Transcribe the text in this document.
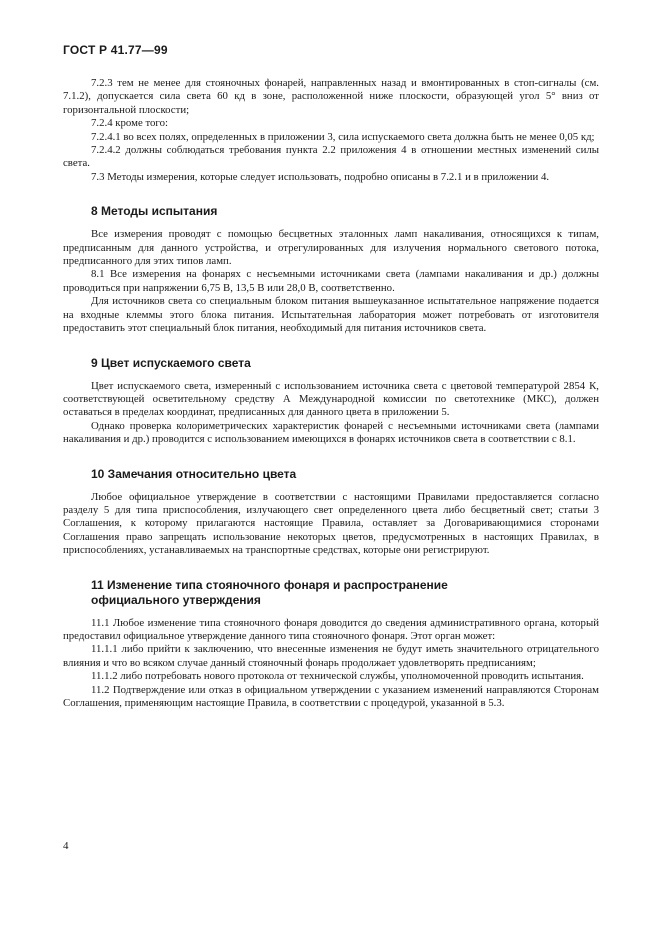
ГОСТ Р 41.77—99

7.2.3 тем не менее для стояночных фонарей, направленных назад и вмонтированных в стоп-сигналы (см. 7.1.2), допускается сила света 60 кд в зоне, расположенной ниже плоскости, образующей угол 5° вниз от горизонтальной плоскости;

7.2.4 кроме того:

7.2.4.1 во всех полях, определенных в приложении 3, сила испускаемого света должна быть не менее 0,05 кд;

7.2.4.2 должны соблюдаться требования пункта 2.2 приложения 4 в отношении местных изменений силы света.

7.3 Методы измерения, которые следует использовать, подробно описаны в 7.2.1 и в приложении 4.

8 Методы испытания

Все измерения проводят с помощью бесцветных эталонных ламп накаливания, относящихся к типам, предписанным для данного устройства, и отрегулированных для излучения нормального светового потока, предписанного для этих типов ламп.

8.1 Все измерения на фонарях с несъемными источниками света (лампами накаливания и др.) должны проводиться при напряжении 6,75 В, 13,5 В или 28,0 В, соответственно.

Для источников света со специальным блоком питания вышеуказанное испытательное напряжение подается на входные клеммы этого блока питания. Испытательная лаборатория может потребовать от изготовителя предоставить этот специальный блок питания, необходимый для питания источников света.

9 Цвет испускаемого света

Цвет испускаемого света, измеренный с использованием источника света с цветовой температурой 2854 К, соответствующей осветительному средству А Международной комиссии по светотехнике (МКС), должен оставаться в пределах координат, предписанных для данного цвета в приложении 5.

Однако проверка колориметрических характеристик фонарей с несъемными источниками света (лампами накаливания и др.) проводится с использованием имеющихся в фонарях источников света в соответствии с 8.1.

10 Замечания относительно цвета

Любое официальное утверждение в соответствии с настоящими Правилами предоставляется согласно разделу 5 для типа приспособления, излучающего свет определенного цвета либо бесцветный свет; статьи 3 Соглашения, к которому прилагаются настоящие Правила, оставляет за Договаривающимися сторонами Соглашения право запрещать использование некоторых цветов, предусмотренных в настоящих Правилах, в приспособлениях, устанавливаемых на транспортные средствах, которые они регистрируют.

11 Изменение типа стояночного фонаря и распространение
официального утверждения

11.1 Любое изменение типа стояночного фонаря доводится до сведения административного органа, который предоставил официальное утверждение данного типа стояночного фонаря. Этот орган может:

11.1.1 либо прийти к заключению, что внесенные изменения не будут иметь значительного отрицательного влияния и что во всяком случае данный стояночный фонарь продолжает удовлетворять предписаниям;

11.1.2 либо потребовать нового протокола от технической службы, уполномоченной проводить испытания.

11.2 Подтверждение или отказ в официальном утверждении с указанием изменений направляются Сторонам Соглашения, применяющим настоящие Правила, в соответствии с процедурой, указанной в 5.3.

4
